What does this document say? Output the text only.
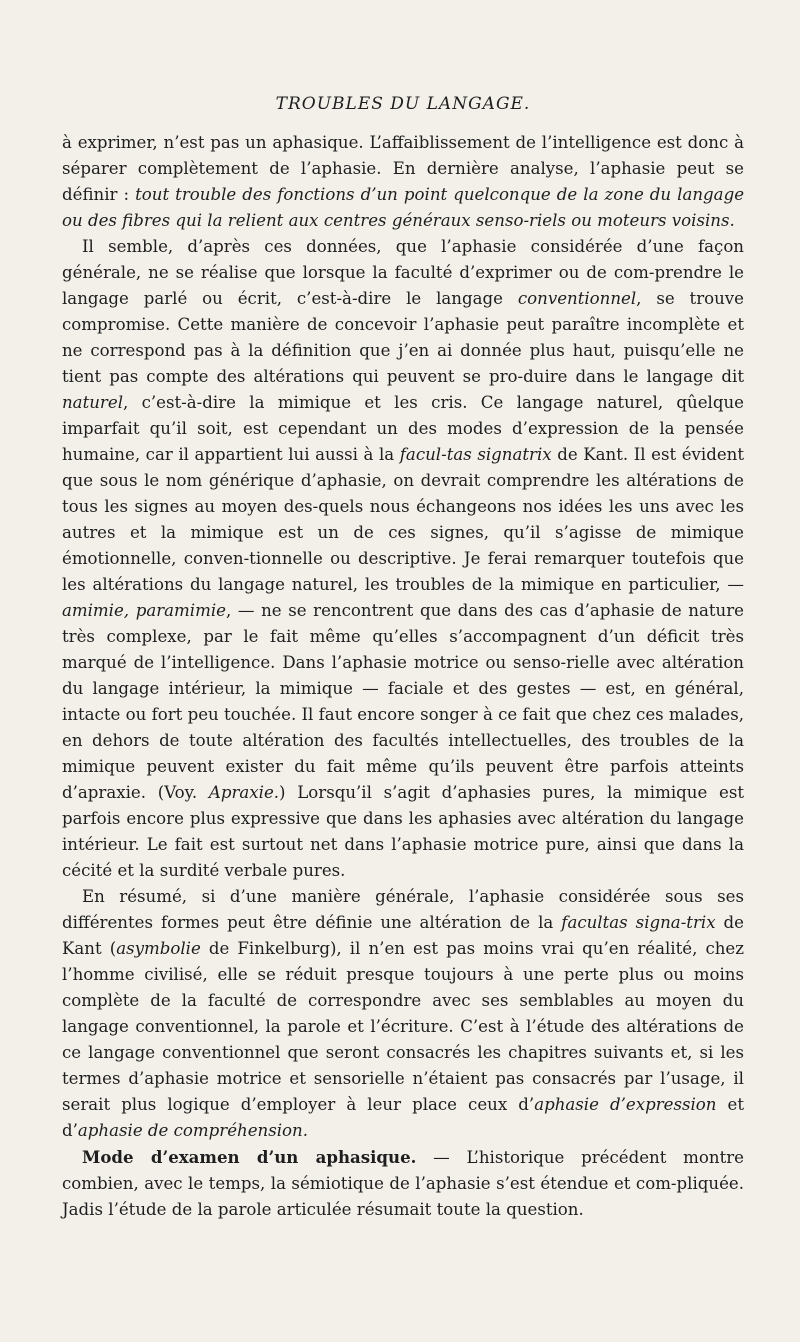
TROUBLES DU LANGAGE.

à exprimer, n’est pas un aphasique. L’affaiblissement de l’intelligence est donc à séparer complètement de l’aphasie. En dernière analyse, l’aphasie peut se définir : tout trouble des fonctions d’un point quelconque de la zone du langage ou des fibres qui la relient aux centres généraux senso-riels ou moteurs voisins.

Il semble, d’après ces données, que l’aphasie considérée d’une façon générale, ne se réalise que lorsque la faculté d’exprimer ou de com-prendre le langage parlé ou écrit, c’est-à-dire le langage conventionnel, se trouve compromise. Cette manière de concevoir l’aphasie peut paraître incomplète et ne correspond pas à la définition que j’en ai donnée plus haut, puisqu’elle ne tient pas compte des altérations qui peuvent se pro-duire dans le langage dit naturel, c’est-à-dire la mimique et les cris. Ce langage naturel, qûelque imparfait qu’il soit, est cependant un des modes d’expression de la pensée humaine, car il appartient lui aussi à la facul-tas signatrix de Kant. Il est évident que sous le nom générique d’aphasie, on devrait comprendre les altérations de tous les signes au moyen des-quels nous échangeons nos idées les uns avec les autres et la mimique est un de ces signes, qu’il s’agisse de mimique émotionnelle, conven-tionnelle ou descriptive. Je ferai remarquer toutefois que les altérations du langage naturel, les troubles de la mimique en particulier, — amimie, paramimie, — ne se rencontrent que dans des cas d’aphasie de nature très complexe, par le fait même qu’elles s’accompagnent d’un déficit très marqué de l’intelligence. Dans l’aphasie motrice ou senso-rielle avec altération du langage intérieur, la mimique — faciale et des gestes — est, en général, intacte ou fort peu touchée. Il faut encore songer à ce fait que chez ces malades, en dehors de toute altération des facultés intellectuelles, des troubles de la mimique peuvent exister du fait même qu’ils peuvent être parfois atteints d’apraxie. (Voy. Apraxie.) Lorsqu’il s’agit d’aphasies pures, la mimique est parfois encore plus expressive que dans les aphasies avec altération du langage intérieur. Le fait est surtout net dans l’aphasie motrice pure, ainsi que dans la cécité et la surdité verbale pures.

En résumé, si d’une manière générale, l’aphasie considérée sous ses différentes formes peut être définie une altération de la facultas signa-trix de Kant (asymbolie de Finkelburg), il n’en est pas moins vrai qu’en réalité, chez l’homme civilisé, elle se réduit presque toujours à une perte plus ou moins complète de la faculté de correspondre avec ses semblables au moyen du langage conventionnel, la parole et l’écriture. C’est à l’étude des altérations de ce langage conventionnel que seront consacrés les chapitres suivants et, si les termes d’aphasie motrice et sensorielle n’étaient pas consacrés par l’usage, il serait plus logique d’employer à leur place ceux d’aphasie d’expression et d’aphasie de compréhension.

Mode d’examen d’un aphasique. — L’historique précédent montre combien, avec le temps, la sémiotique de l’aphasie s’est étendue et com-pliquée. Jadis l’étude de la parole articulée résumait toute la question.
